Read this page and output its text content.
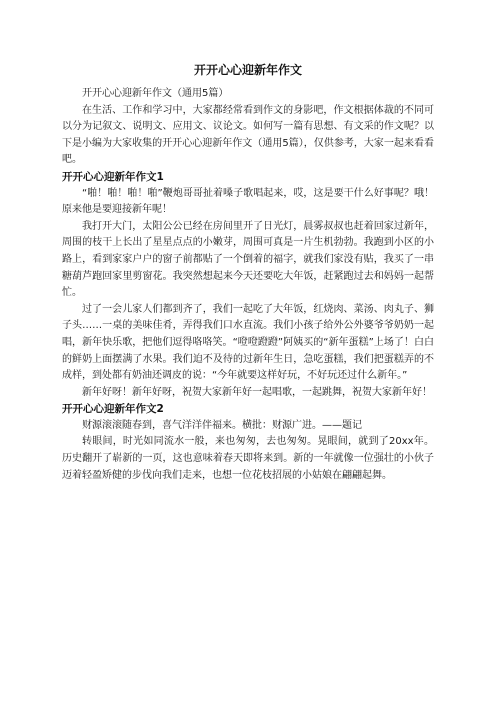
开开心心迎新年作文

开开心心迎新年作文（通用5篇）

在生活、工作和学习中，大家都经常看到作文的身影吧，作文根据体裁的不同可以分为记叙文、说明文、应用文、议论文。如何写一篇有思想、有文采的作文呢？以下是小编为大家收集的开开心心迎新年作文（通用5篇），仅供参考，大家一起来看看吧。

开开心心迎新年作文1

“啪！啪！啪！啪”鞭炮哥哥扯着嗓子歌唱起来，哎，这是要干什么好事呢？哦！原来他是要迎接新年呢！

我打开大门，太阳公公已经在房间里开了日光灯，晨雾叔叔也赶着回家过新年，周围的枝干上长出了星星点点的小嫩芽，周围可真是一片生机勃勃。我跑到小区的小路上，看到家家户户的窗子前都贴了一个倒着的福字，就我们家没有贴，我买了一串糖葫芦跑回家里剪窗花。我突然想起来今天还要吃大年饭，赶紧跑过去和妈妈一起帮忙。

过了一会儿家人们都到齐了，我们一起吃了大年饭，红烧肉、菜汤、肉丸子、狮子头……一桌的美味佳肴，弄得我们口水直流。我们小孩子给外公外婆爷爷奶奶一起唱，新年快乐歌，把他们逗得咯咯笑。“噔噔蹬蹬”阿姨买的“新年蛋糕”上场了！白白的鲜奶上面摆满了水果。我们迫不及待的过新年生日，急吃蛋糕，我们把蛋糕弄的不成样，到处都有奶油还调皮的说：“今年就要这样好玩，不好玩还过什么新年。”

新年好呀！新年好呀，祝贺大家新年好一起唱歌，一起跳舞，祝贺大家新年好！

开开心心迎新年作文2

财源滚滚随春到，喜气洋洋伴福来。横批：财源广进。——题记

转眼间，时光如同流水一般，来也匆匆，去也匆匆。晃眼间，就到了20xx年。历史翻开了崭新的一页，这也意味着春天即将来到。新的一年就像一位强壮的小伙子迈着轻盈矫健的步伐向我们走来，也想一位花枝招展的小姑娘在翩翩起舞。
